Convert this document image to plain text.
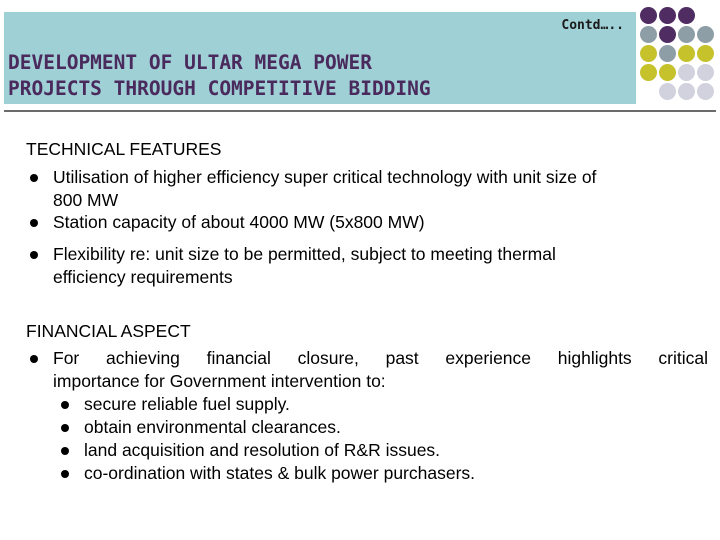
Contd…..
DEVELOPMENT OF ULTAR MEGA POWER
PROJECTS THROUGH COMPETITIVE BIDDING
TECHNICAL FEATURES

Utilisation of higher efficiency super critical technology with unit size of
800 MW

Station capacity of about 4000 MW (5x800 MW)

Flexibility re: unit size to be permitted, subject to meeting thermal
efficiency requirements

FINANCIAL ASPECT

For achieving financial closure, past experience highlights critical

importance for Government intervention to:

secure reliable fuel supply.

obtain environmental clearances.

land acquisition and resolution of R&R issues.

co-ordination with states & bulk power purchasers.
